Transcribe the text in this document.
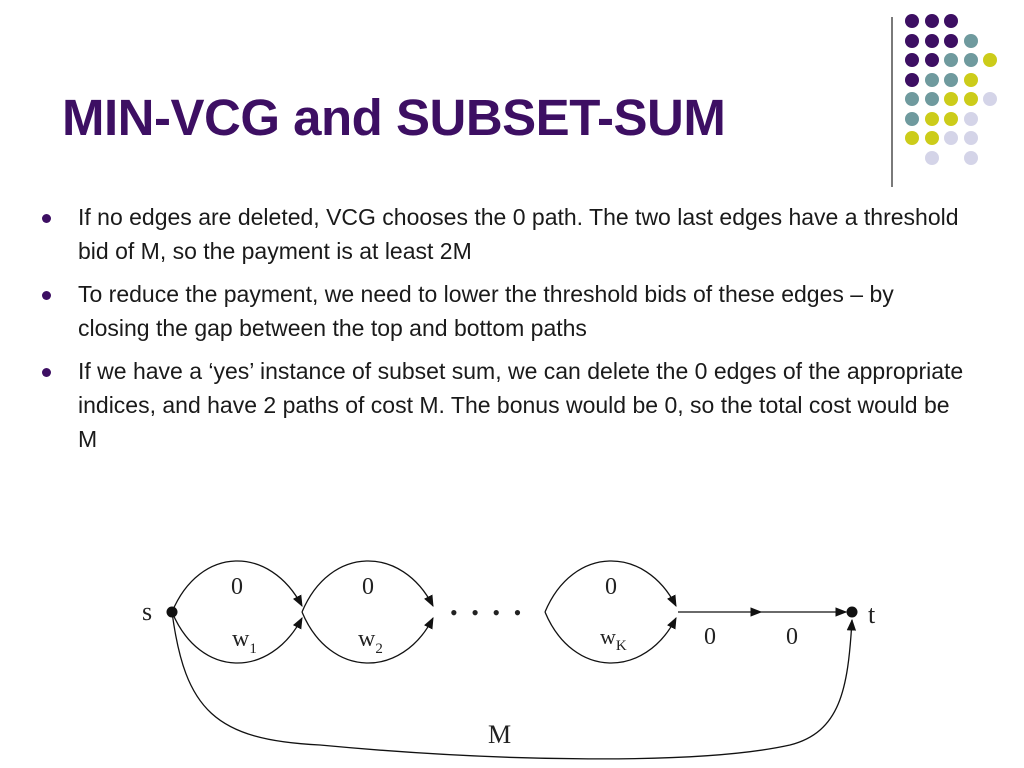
MIN-VCG and SUBSET-SUM
If no edges are deleted, VCG chooses the 0 path. The two last edges have a threshold bid of M, so the payment is at least 2M
To reduce the payment, we need to lower the threshold bids of these edges – by closing the gap between the top and bottom paths
If we have a ‘yes’ instance of subset sum, we can delete the 0 edges of the appropriate indices, and have 2 paths of cost M. The bonus would be 0, so the total cost would be M
s	t
0
$w_1$
0
$w_2$
• • • •
0
$w_K$	0	0
M
